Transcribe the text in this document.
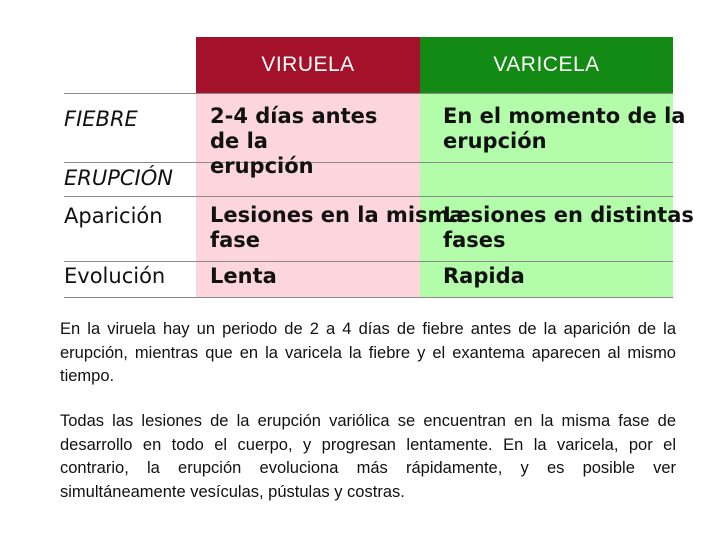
VIRUELA	VARICELA
FIEBRE
ERUPCIÓN
Aparición
Evolución
2-4 días antes
de la
erupción
En el momento de la
erupción
Lesiones en la misma
fase
Lesiones en distintas
fases
Lenta	Rapida

En la viruela hay un periodo de 2 a 4 días de fiebre antes de la aparición de la erupción, mientras que en la varicela la fiebre y el exantema aparecen al mismo tiempo.

Todas las lesiones de la erupción variólica se encuentran en la misma fase de desarrollo en todo el cuerpo, y progresan lentamente. En la varicela, por el contrario, la erupción evoluciona más rápidamente, y es posible ver simultáneamente vesículas, pústulas y costras.
